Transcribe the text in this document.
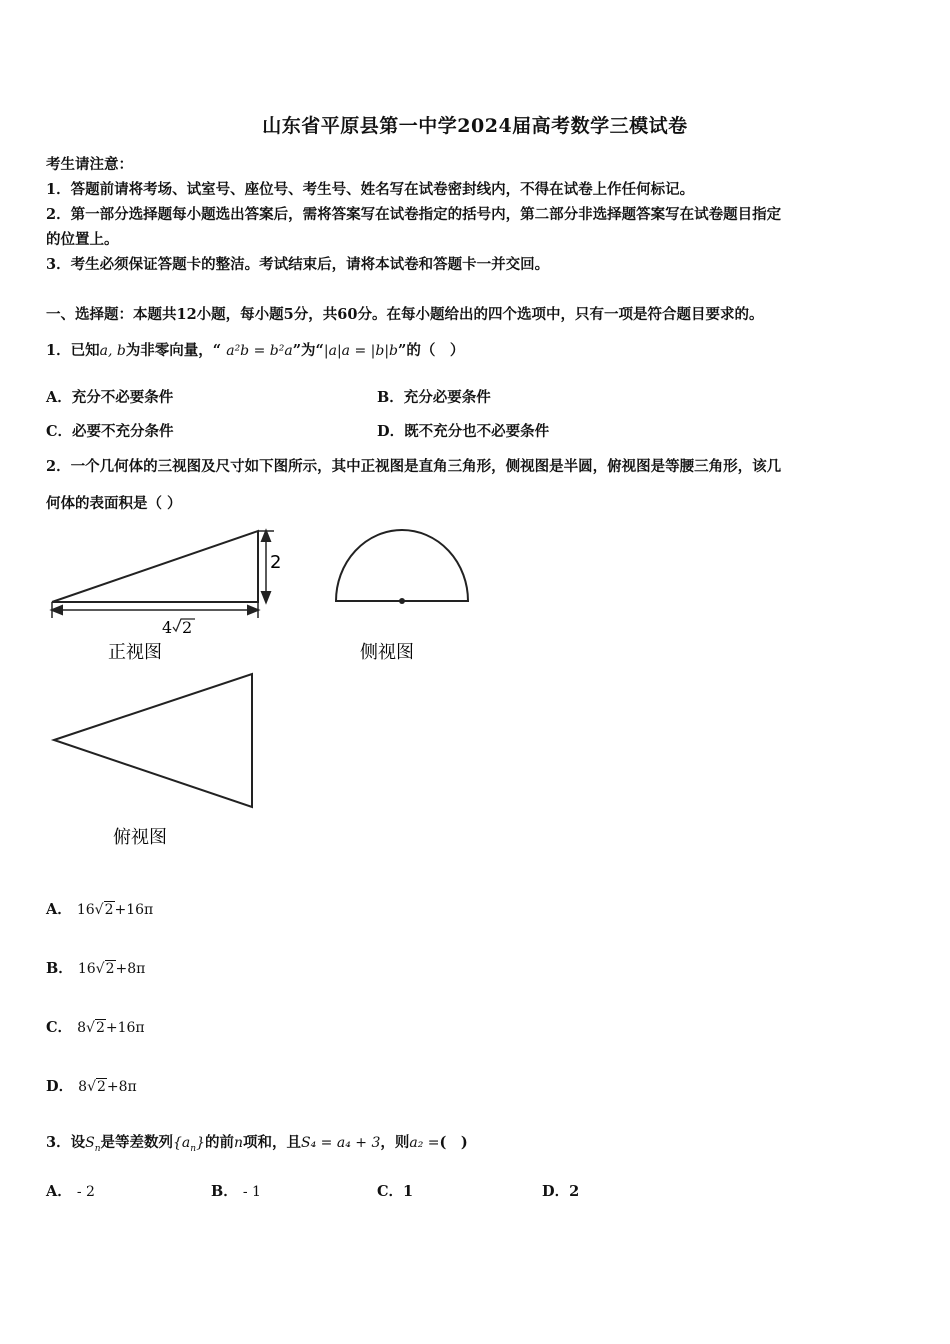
山东省平原县第一中学2024届高考数学三模试卷
考生请注意：
1．答题前请将考场、试室号、座位号、考生号、姓名写在试卷密封线内，不得在试卷上作任何标记。
2．第一部分选择题每小题选出答案后，需将答案写在试卷指定的括号内，第二部分非选择题答案写在试卷题目指定
的位置上。
3．考生必须保证答题卡的整洁。考试结束后，请将本试卷和答题卡一并交回。
一、选择题：本题共12小题，每小题5分，共60分。在每小题给出的四个选项中，只有一项是符合题目要求的。
1．已知a, b为非零向量，“ a²b = b²a”为“|a|a = |b|b”的（　）
A．充分不必要条件	B．充分必要条件
C．必要不充分条件	D．既不充分也不必要条件
2．一个几何体的三视图及尺寸如下图所示，其中正视图是直角三角形，侧视图是半圆，俯视图是等腰三角形，该几
何体的表面积是（ ）
2
4 2
正视图	侧视图
俯视图
A． 16√2+16π
B． 16√2+8π
C． 8√2+16π
D． 8√2+8π
3．设$S_n$是等差数列$\{a_n\}$的前n项和，且S₄ = a₄ + 3，则a₂ =(　)
A． - 2	B． - 1	C．1	D．2
